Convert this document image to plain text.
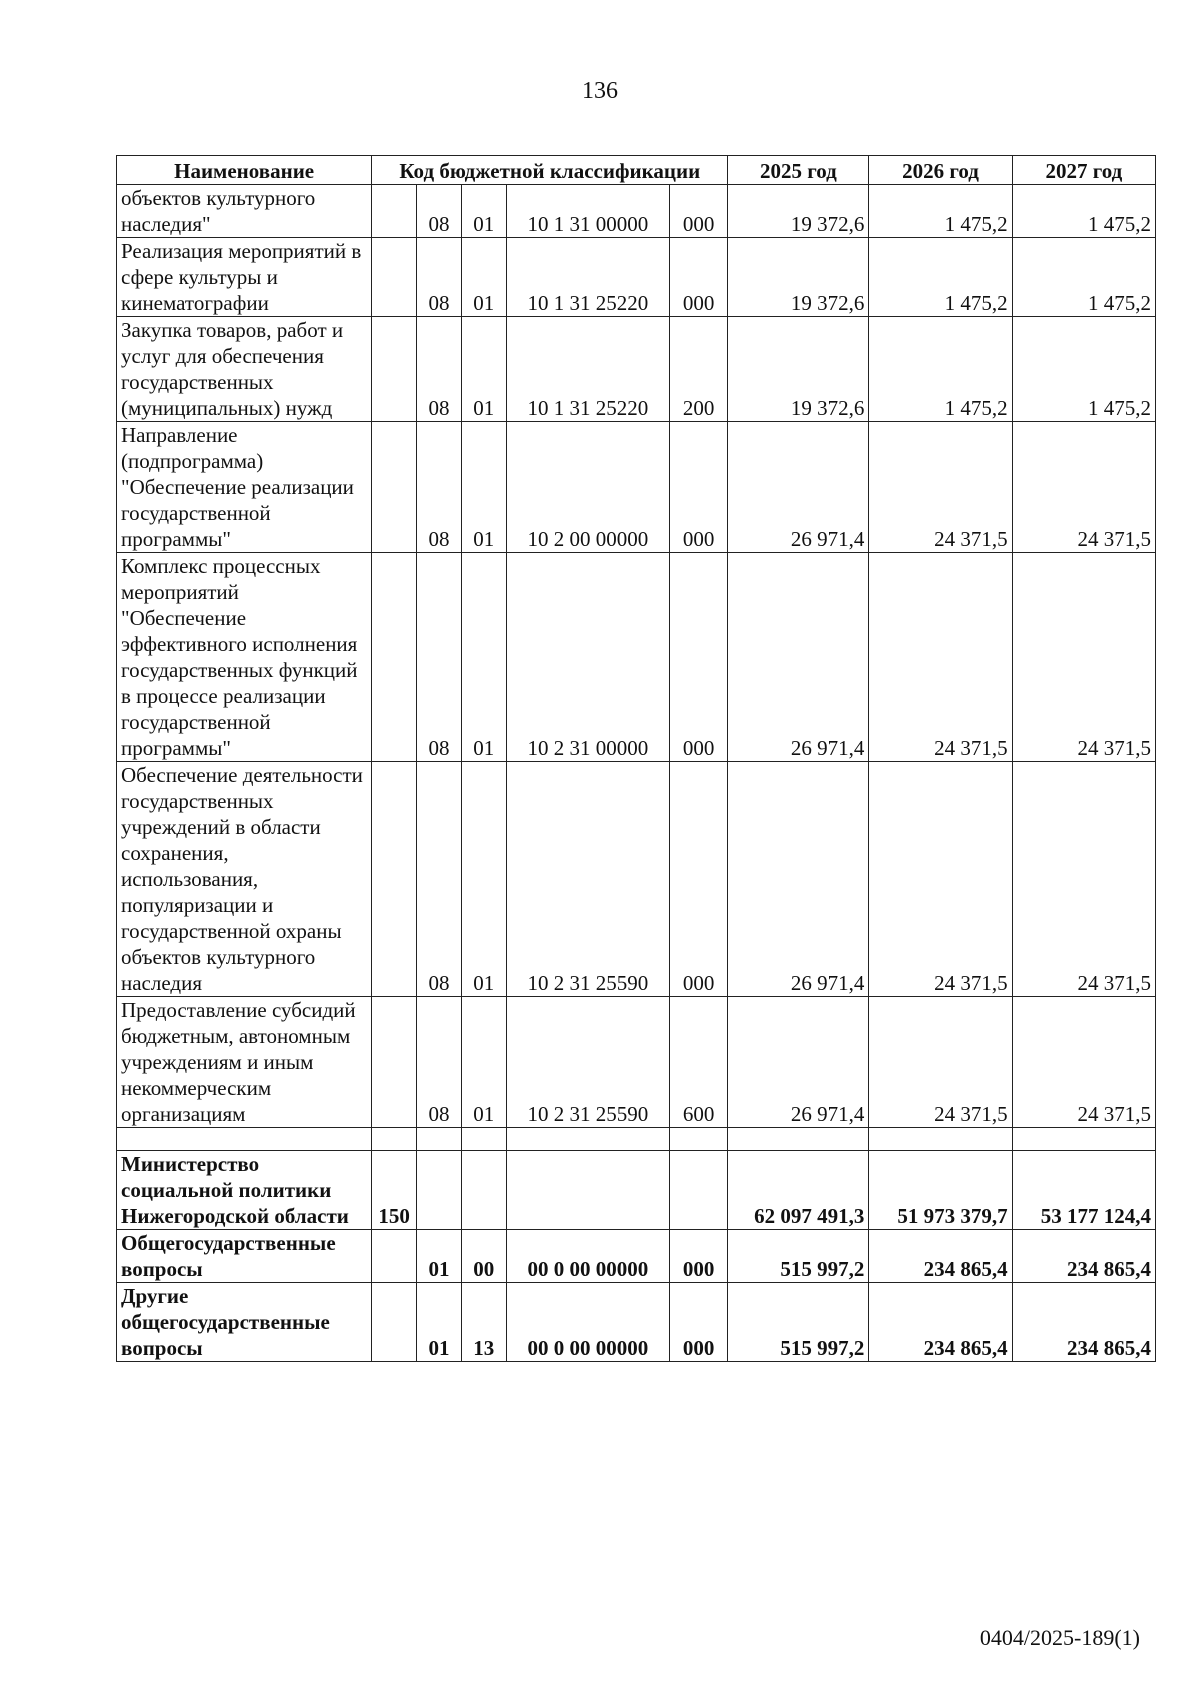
136
Наименование	Код бюджетной классификации					2025 год	2026 год	2027 год
объектов культурного наследия"		08	01	10 1 31 00000	000	19 372,6	1 475,2	1 475,2
Реализация мероприятий в сфере культуры и кинематографии		08	01	10 1 31 25220	000	19 372,6	1 475,2	1 475,2
Закупка товаров, работ и услуг для обеспечения государственных (муниципальных) нужд		08	01	10 1 31 25220	200	19 372,6	1 475,2	1 475,2
Направление (подпрограмма) "Обеспечение реализации государственной программы"		08	01	10 2 00 00000	000	26 971,4	24 371,5	24 371,5
Комплекс процессных мероприятий "Обеспечение эффективного исполнения государственных функций в процессе реализации государственной программы"		08	01	10 2 31 00000	000	26 971,4	24 371,5	24 371,5
Обеспечение деятельности государственных учреждений в области сохранения, использования, популяризации и государственной охраны объектов культурного наследия		08	01	10 2 31 25590	000	26 971,4	24 371,5	24 371,5
Предоставление субсидий бюджетным, автономным учреждениям и иным некоммерческим организациям		08	01	10 2 31 25590	600	26 971,4	24 371,5	24 371,5

Министерство социальной политики Нижегородской области	150					62 097 491,3	51 973 379,7	53 177 124,4
Общегосударственные вопросы		01	00	00 0 00 00000	000	515 997,2	234 865,4	234 865,4
Другие общегосударственные вопросы		01	13	00 0 00 00000	000	515 997,2	234 865,4	234 865,4
0404/2025-189(1)
